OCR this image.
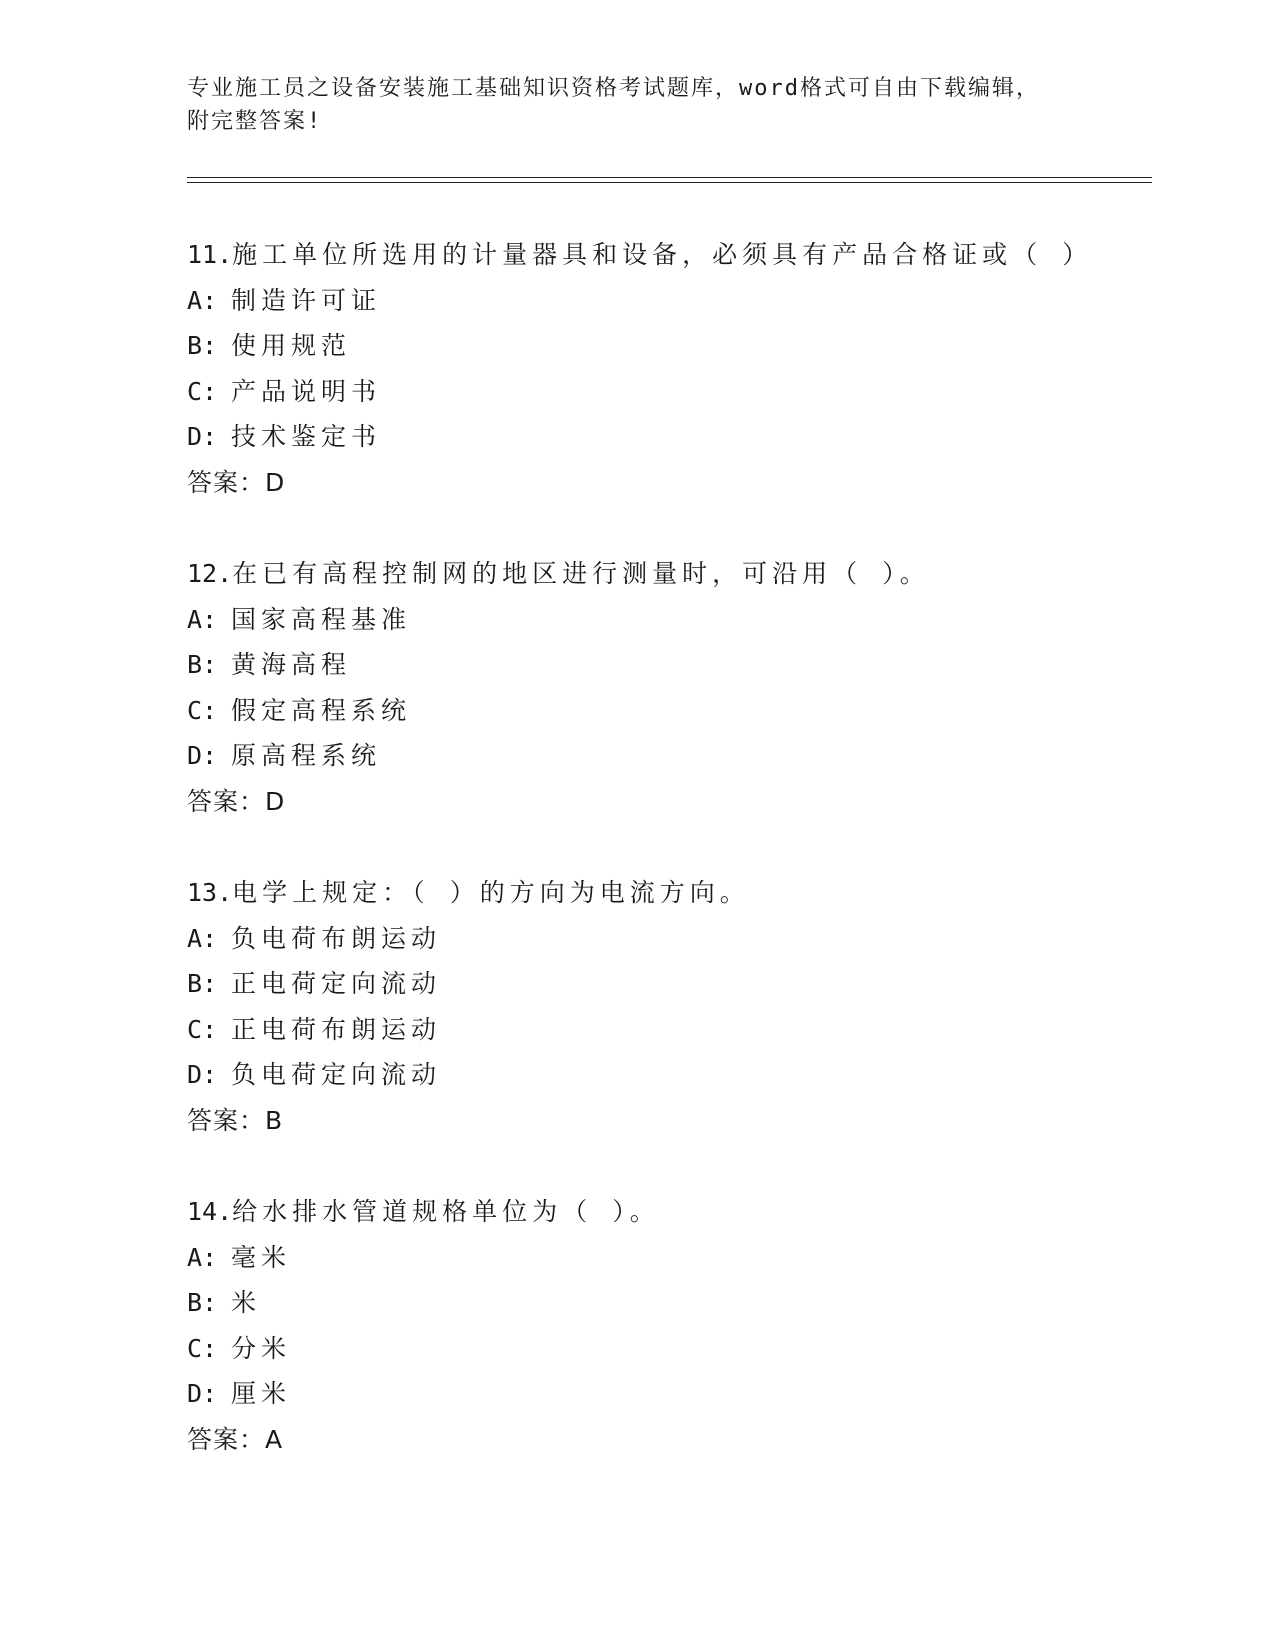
专业施工员之设备安装施工基础知识资格考试题库，word格式可自由下载编辑，
附完整答案!
11.施工单位所选用的计量器具和设备，必须具有产品合格证或（ ）
A: 制造许可证
B: 使用规范
C: 产品说明书
D: 技术鉴定书
答案：D
12.在已有高程控制网的地区进行测量时，可沿用（ ）。
A: 国家高程基准
B: 黄海高程
C: 假定高程系统
D: 原高程系统
答案：D
13.电学上规定：（ ）的方向为电流方向。
A: 负电荷布朗运动
B: 正电荷定向流动
C: 正电荷布朗运动
D: 负电荷定向流动
答案：B
14.给水排水管道规格单位为（ ）。
A: 毫米
B: 米
C: 分米
D: 厘米
答案：A
